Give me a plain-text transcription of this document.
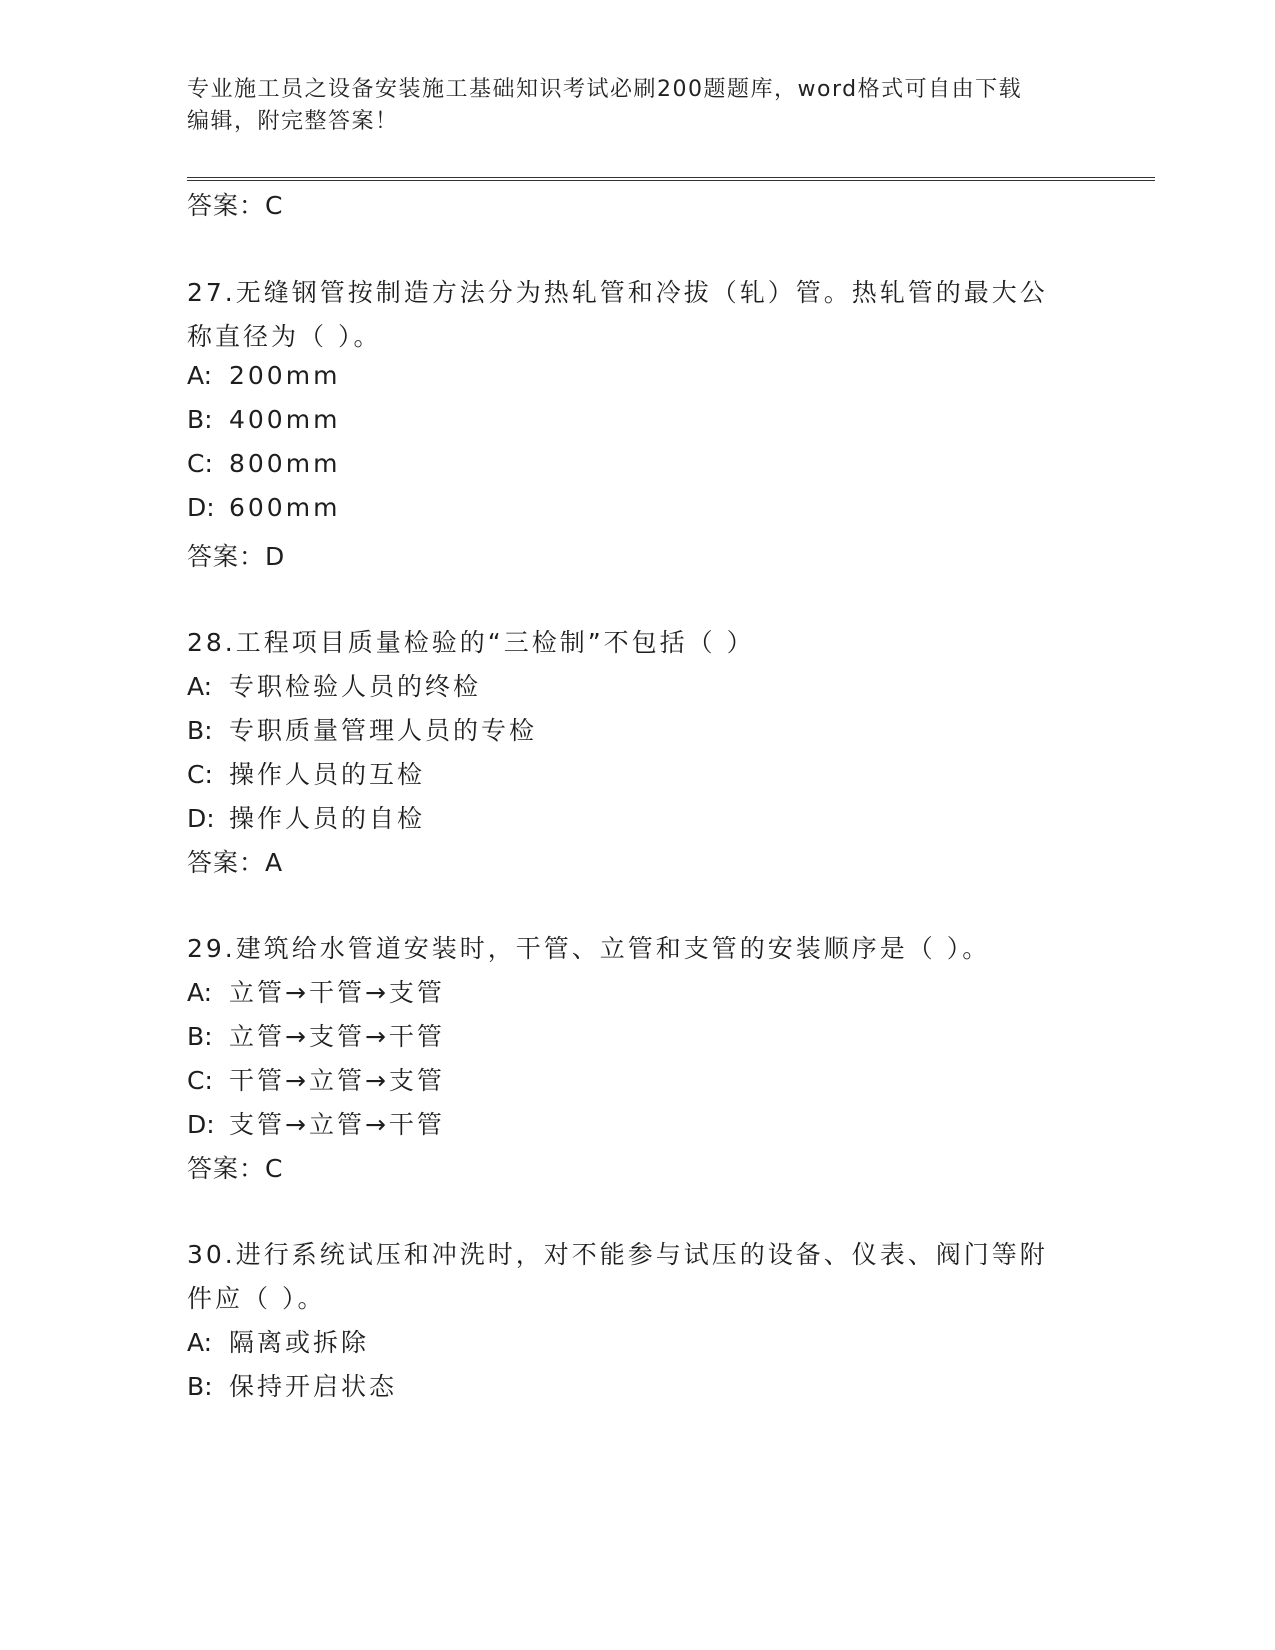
专业施工员之设备安装施工基础知识考试必刷200题题库，word格式可自由下载
编辑，附完整答案！
答案：C
27.无缝钢管按制造方法分为热轧管和冷拔（轧）管。热轧管的最大公
称直径为（ ）。
A: 200mm
B: 400mm
C: 800mm
D: 600mm
答案：D
28.工程项目质量检验的“三检制”不包括（ ）
A: 专职检验人员的终检
B: 专职质量管理人员的专检
C: 操作人员的互检
D: 操作人员的自检
答案：A
29.建筑给水管道安装时，干管、立管和支管的安装顺序是（ ）。
A: 立管→干管→支管
B: 立管→支管→干管
C: 干管→立管→支管
D: 支管→立管→干管
答案：C
30.进行系统试压和冲洗时，对不能参与试压的设备、仪表、阀门等附
件应（ ）。
A: 隔离或拆除
B: 保持开启状态
